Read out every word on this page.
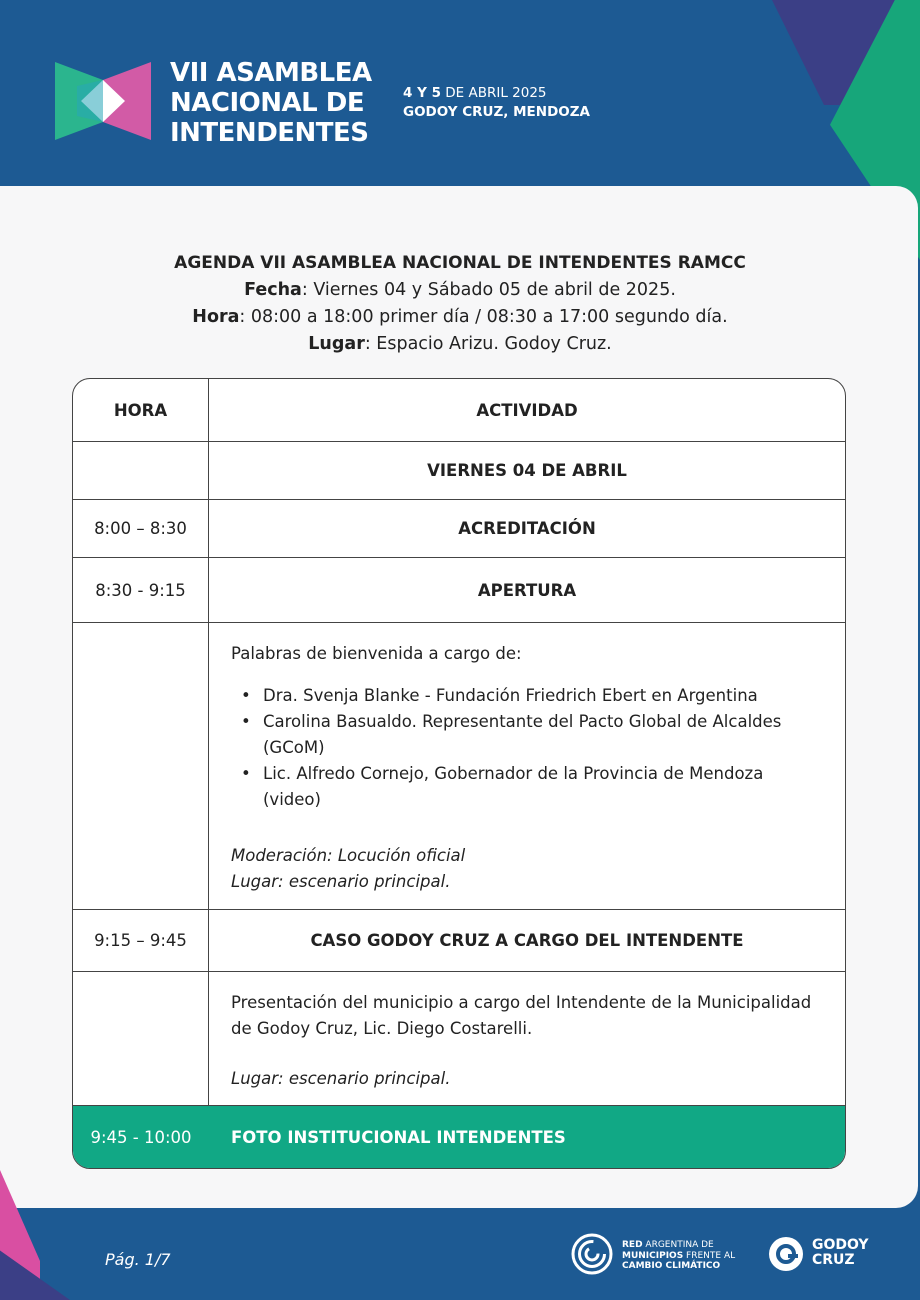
VII ASAMBLEA
NACIONAL DE
INTENDENTES
4 Y 5 DE ABRIL 2025
GODOY CRUZ, MENDOZA
AGENDA VII ASAMBLEA NACIONAL DE INTENDENTES RAMCC
Fecha: Viernes 04 y Sábado 05 de abril de 2025.
Hora: 08:00 a 18:00 primer día / 08:30 a 17:00 segundo día.
Lugar: Espacio Arizu. Godoy Cruz.
HORA	ACTIVIDAD
VIERNES 04 DE ABRIL
8:00 – 8:30	ACREDITACIÓN
8:30 - 9:15	APERTURA
Palabras de bienvenida a cargo de:
• Dra. Svenja Blanke - Fundación Friedrich Ebert en Argentina
• Carolina Basualdo. Representante del Pacto Global de Alcaldes (GCoM)
• Lic. Alfredo Cornejo, Gobernador de la Provincia de Mendoza (video)
Moderación: Locución oficial
Lugar: escenario principal.
9:15 – 9:45	CASO GODOY CRUZ A CARGO DEL INTENDENTE
Presentación del municipio a cargo del Intendente de la Municipalidad de Godoy Cruz, Lic. Diego Costarelli.
Lugar: escenario principal.
9:45 - 10:00	FOTO INSTITUCIONAL INTENDENTES
Pág. 1/7
RED ARGENTINA DE
MUNICIPIOS FRENTE AL
CAMBIO CLIMÁTICO
GODOY
CRUZ
